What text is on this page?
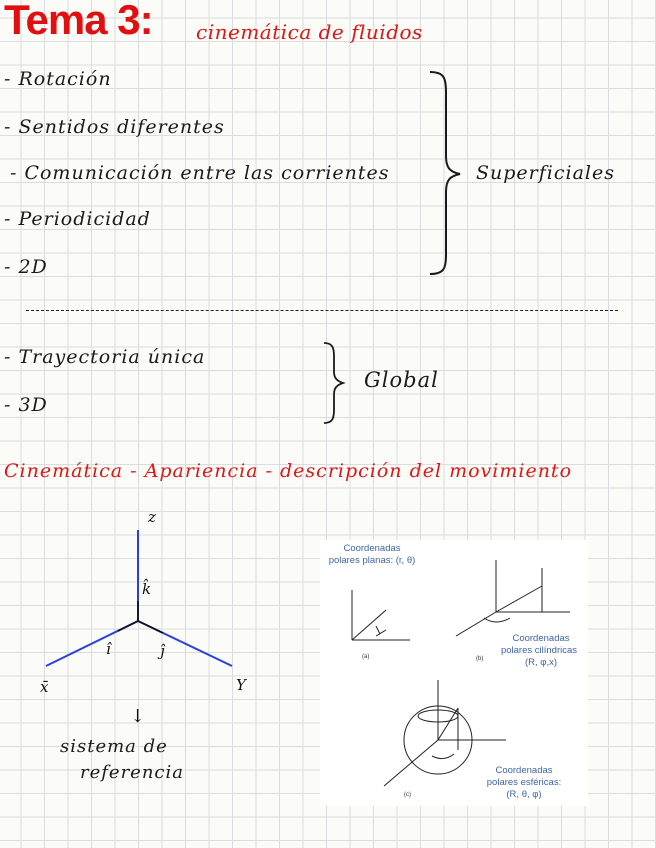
Tema 3: cinemática de fluidos
- Rotación
- Sentidos diferentes
- Comunicación entre las corrientes
- Periodicidad
- 2D
Superficiales
- Trayectoria única
- 3D
Global
Cinemática - Apariencia - descripción del movimiento
z
k̂
î	ĵ
x̄	Y
↓
sistema de
referencia
Coordenadas
polares planas: (r, θ)
Coordenadas
polares cilíndricas
(R, φ,x)
Coordenadas
polares esféricas:
(R, θ, φ)
(a)	(b)
(c)
